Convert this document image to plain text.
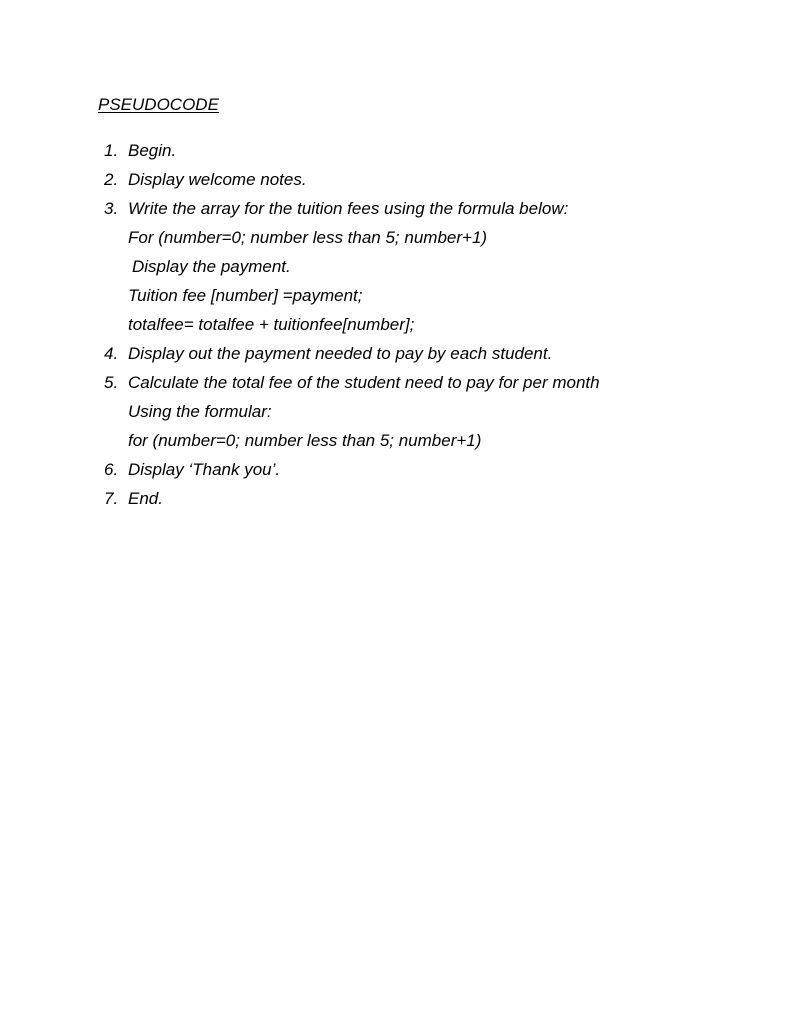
PSEUDOCODE
1. Begin.
2. Display welcome notes.
3. Write the array for the tuition fees using the formula below:
For (number=0; number less than 5; number+1)
Display the payment.
Tuition fee [number] =payment;
totalfee= totalfee + tuitionfee[number];
4. Display out the payment needed to pay by each student.
5. Calculate the total fee of the student need to pay for per month
Using the formular:
for (number=0; number less than 5; number+1)
6. Display ‘Thank you’.
7. End.
